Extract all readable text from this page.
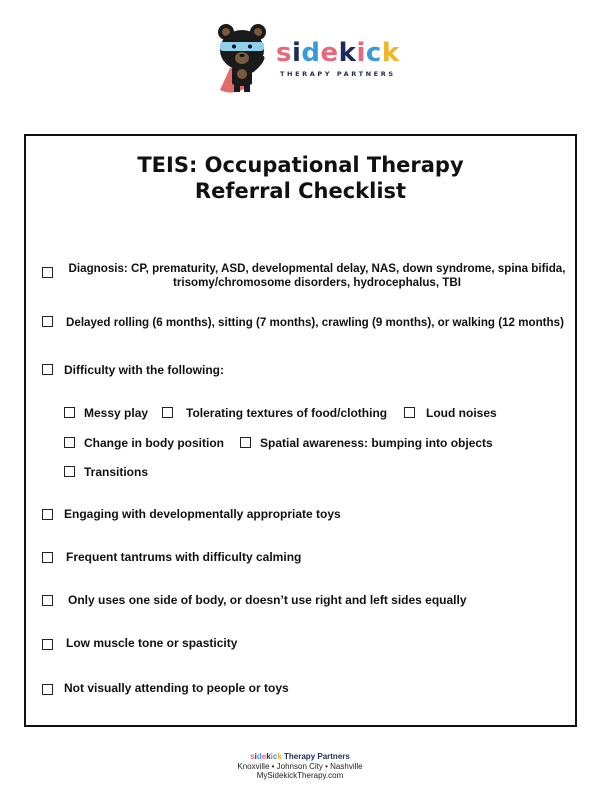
sidekick
THERAPY PARTNERS
TEIS: Occupational Therapy
Referral Checklist
Diagnosis: CP, prematurity, ASD, developmental delay, NAS, down syndrome, spina bifida,
trisomy/chromosome disorders, hydrocephalus, TBI
Delayed rolling (6 months), sitting (7 months), crawling (9 months), or walking (12 months)
Difficulty with the following:
Messy play	Tolerating textures of food/clothing	Loud noises
Change in body position	Spatial awareness: bumping into objects
Transitions
Engaging with developmentally appropriate toys
Frequent tantrums with difficulty calming
Only uses one side of body, or doesn’t use right and left sides equally
Low muscle tone or spasticity
Not visually attending to people or toys
sidekick Therapy Partners
Knoxville • Johnson City • Nashville
MySidekickTherapy.com
